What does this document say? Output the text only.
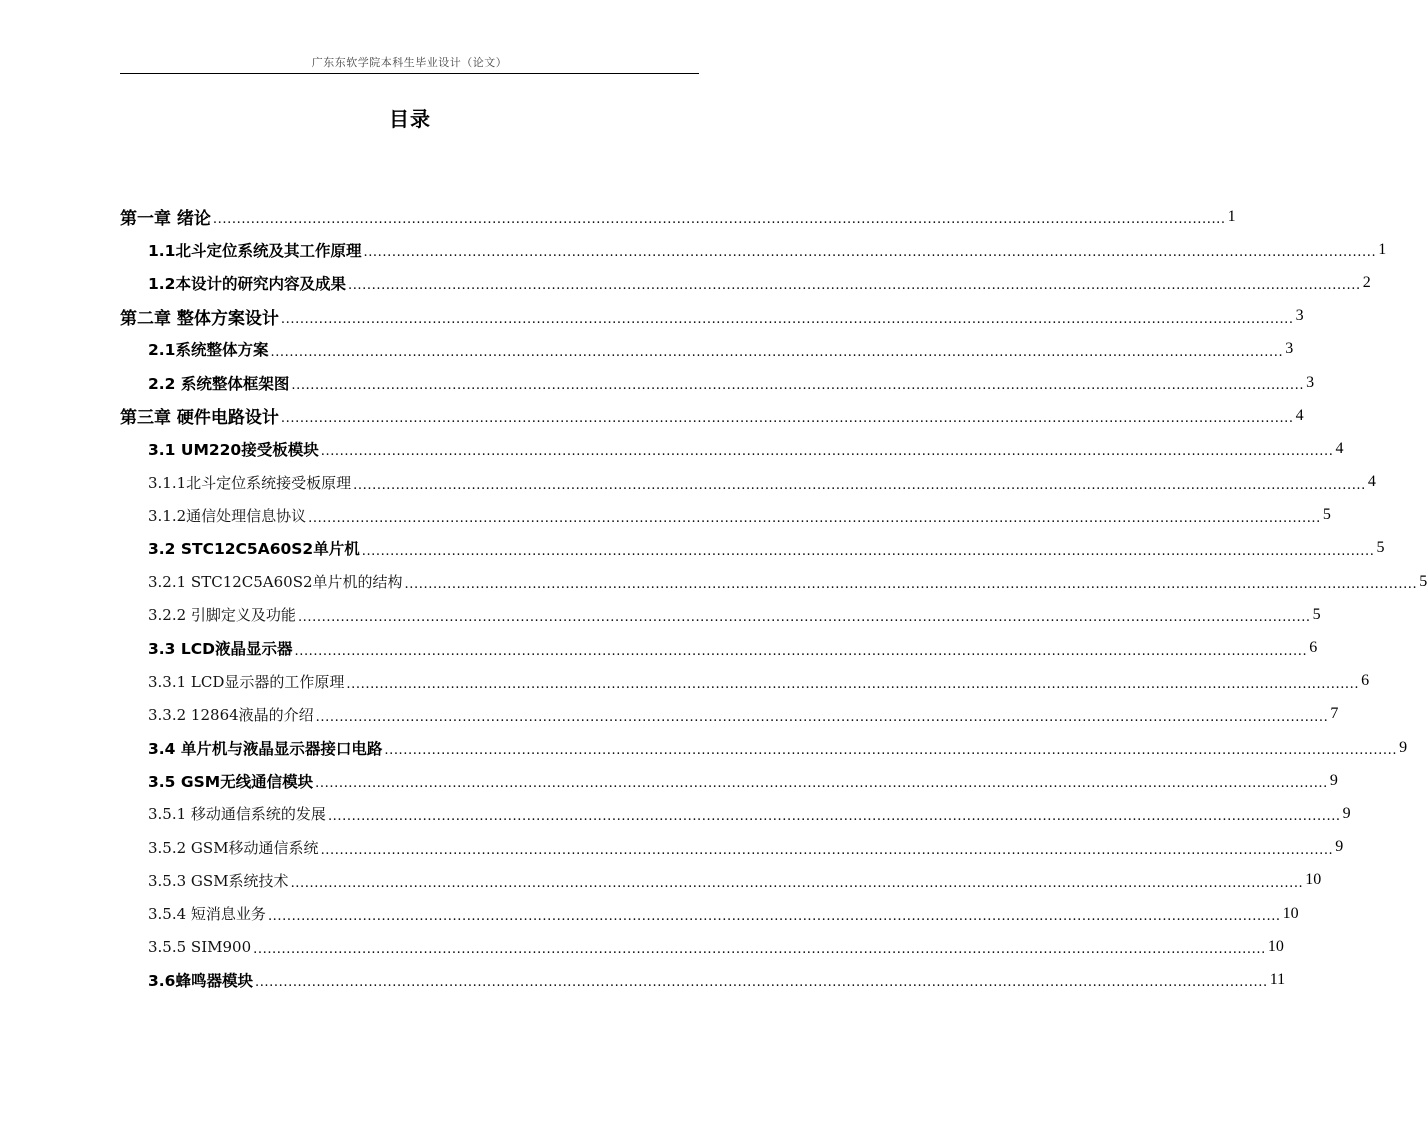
广东东软学院本科生毕业设计（论文）
目录
第一章 绪论 ...................................................................................................................................................................................................................... 1
1.1北斗定位系统及其工作原理 ...................................................................................................................................................................................................................... 1
1.2本设计的研究内容及成果 ...................................................................................................................................................................................................................... 2
第二章 整体方案设计 ...................................................................................................................................................................................................................... 3
2.1系统整体方案 ...................................................................................................................................................................................................................... 3
2.2 系统整体框架图 ...................................................................................................................................................................................................................... 3
第三章 硬件电路设计 ...................................................................................................................................................................................................................... 4
3.1 UM220接受板模块 ...................................................................................................................................................................................................................... 4
3.1.1北斗定位系统接受板原理 ...................................................................................................................................................................................................................... 4
3.1.2通信处理信息协议 ...................................................................................................................................................................................................................... 5
3.2 STC12C5A60S2单片机 ...................................................................................................................................................................................................................... 5
3.2.1 STC12C5A60S2单片机的结构 ...................................................................................................................................................................................................................... 5
3.2.2 引脚定义及功能 ...................................................................................................................................................................................................................... 5
3.3 LCD液晶显示器 ...................................................................................................................................................................................................................... 6
3.3.1 LCD显示器的工作原理 ...................................................................................................................................................................................................................... 6
3.3.2 12864液晶的介绍 ...................................................................................................................................................................................................................... 7
3.4 单片机与液晶显示器接口电路 ...................................................................................................................................................................................................................... 9
3.5 GSM无线通信模块 ...................................................................................................................................................................................................................... 9
3.5.1 移动通信系统的发展 ...................................................................................................................................................................................................................... 9
3.5.2 GSM移动通信系统 ...................................................................................................................................................................................................................... 9
3.5.3 GSM系统技术 ...................................................................................................................................................................................................................... 10
3.5.4 短消息业务 ...................................................................................................................................................................................................................... 10
3.5.5 SIM900 ...................................................................................................................................................................................................................... 10
3.6蜂鸣器模块 ...................................................................................................................................................................................................................... 11
